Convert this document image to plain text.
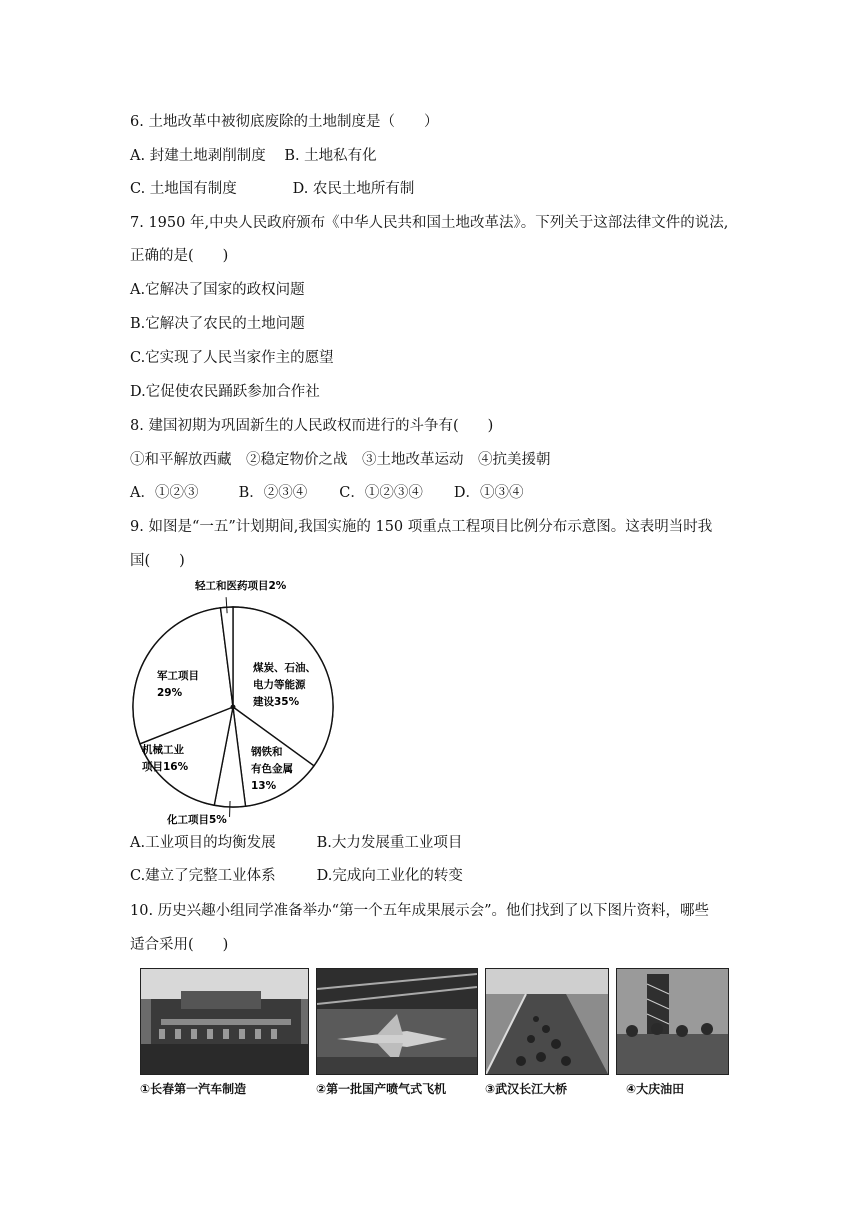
6. 土地改革中被彻底废除的土地制度是（　　）
A. 封建土地剥削制度 B. 土地私有化
C. 土地国有制度	D. 农民土地所有制
7. 1950 年,中央人民政府颁布《中华人民共和国土地改革法》。下列关于这部法律文件的说法,
正确的是(　　)
A.它解决了国家的政权问题
B.它解决了农民的土地问题
C.它实现了人民当家作主的愿望
D.它促使农民踊跃参加合作社
8. 建国初期为巩固新生的人民政权而进行的斗争有(　　)
①和平解放西藏　②稳定物价之战　③土地改革运动　④抗美援朝
A．①②③	B．②③④ C．①②③④ D．①③④
9. 如图是“一五”计划期间,我国实施的 150 项重点工程项目比例分布示意图。这表明当时我
国(　　)
煤炭、石油、电力等能源建设35%
钢铁和有色金属 13%
化工项目5%
机械工业项目16%
军工项目 29%
轻工和医药项目2%
A.工业项目的均衡发展	B.大力发展重工业项目
C.建立了完整工业体系	D.完成向工业化的转变
10. 历史兴趣小组同学准备举办“第一个五年成果展示会”。他们找到了以下图片资料，哪些
适合采用(　　)
①长春第一汽车制造	②第一批国产喷气式飞机	③武汉长江大桥	④大庆油田
